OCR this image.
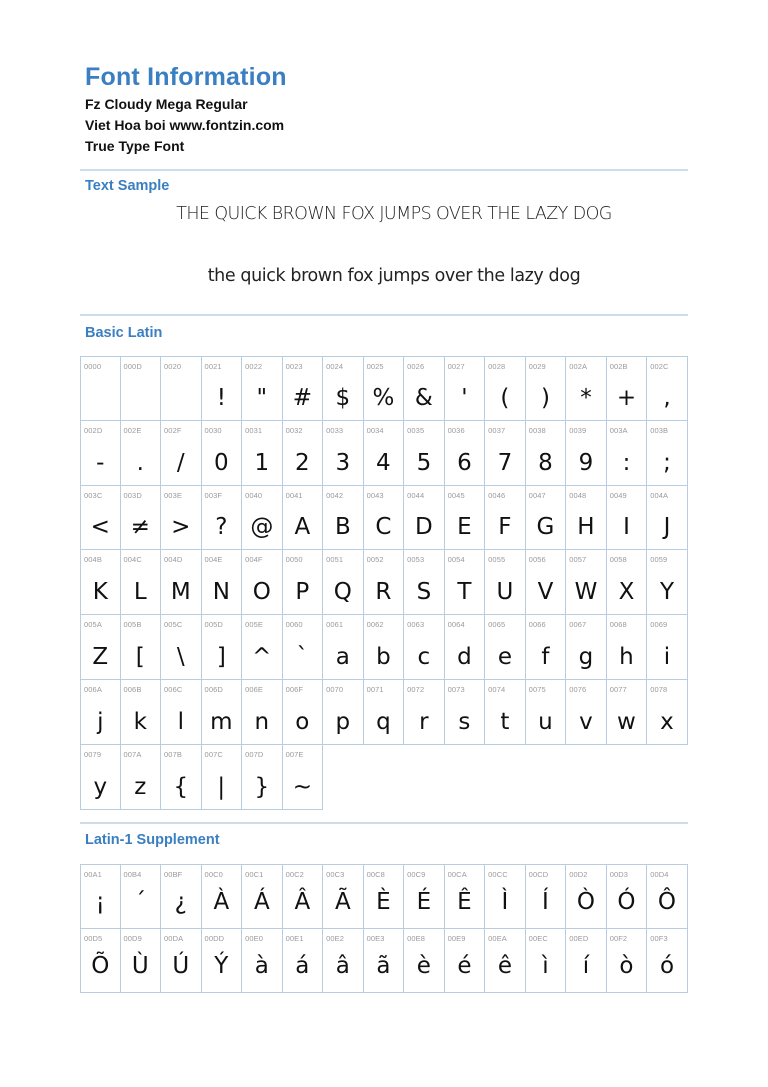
Font Information
Fz Cloudy Mega Regular
Viet Hoa boi www.fontzin.com
True Type Font
Text Sample
THE QUICK BROWN FOX JUMPS OVER THE LAZY DOG
the quick brown fox jumps over the lazy dog
Basic Latin
0000	000D	0020	0021
!
0022
"
0023
#
0024
$
0025
%
0026
&
0027
'
0028
(
0029
)
002A
*
002B
+
002C
,
002D
-
002E
.
002F
/
0030
0
0031
1
0032
2
0033
3
0034
4
0035
5
0036
6
0037
7
0038
8
0039
9
003A
:
003B
;
003C
<
003D
≠
003E
>
003F
?
0040
@
0041
A
0042
B
0043
C
0044
D
0045
E
0046
F
0047
G
0048
H
0049
I
004A
J
004B
K
004C
L
004D
M
004E
N
004F
O
0050
P
0051
Q
0052
R
0053
S
0054
T
0055
U
0056
V
0057
W
0058
X
0059
Y
005A
Z
005B
[
005C
\
005D
]
005E
^
0060
`
0061
a
0062
b
0063
c
0064
d
0065
e
0066
f
0067
g
0068
h
0069
i
006A
j
006B
k
006C
l
006D
m
006E
n
006F
o
0070
p
0071
q
0072
r
0073
s
0074
t
0075
u
0076
v
0077
w
0078
x
0079
y
007A
z
007B
{
007C
|
007D
}
007E
~
Latin-1 Supplement
00A1
¡
00B4
´
00BF
¿
00C0
À
00C1
Á
00C2
Â
00C3
Ã
00C8
È
00C9
É
00CA
Ê
00CC
Ì
00CD
Í
00D2
Ò
00D3
Ó
00D4
Ô
00D5
Õ
00D9
Ù
00DA
Ú
00DD
Ý
00E0
à
00E1
á
00E2
â
00E3
ã
00E8
è
00E9
é
00EA
ê
00EC
ì
00ED
í
00F2
ò
00F3
ó
